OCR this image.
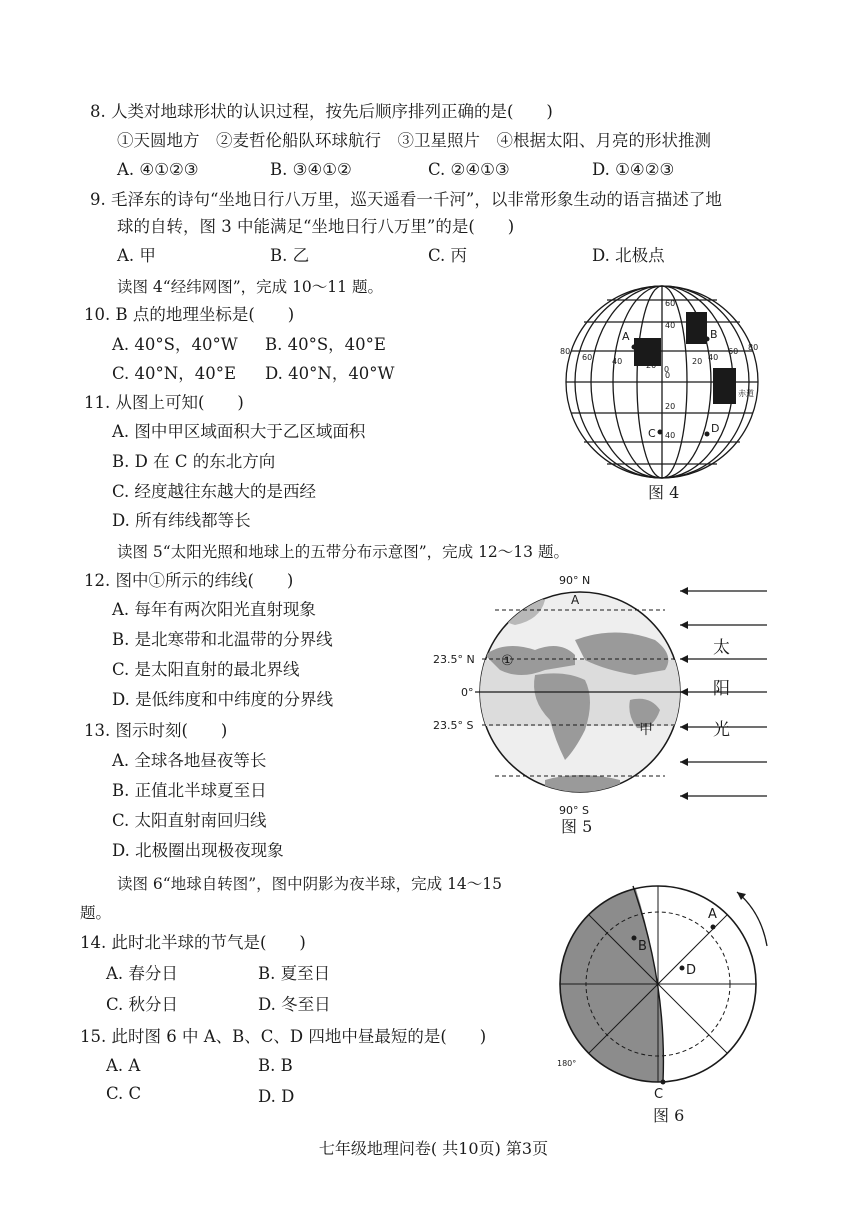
8. 人类对地球形状的认识过程，按先后顺序排列正确的是(　　)
①天圆地方　②麦哲伦船队环球航行　③卫星照片　④根据太阳、月亮的形状推测
A. ④①②③	B. ③④①②	C. ②④①③	D. ①④②③
9. 毛泽东的诗句“坐地日行八万里，巡天遥看一千河”，以非常形象生动的语言描述了地
球的自转，图 3 中能满足“坐地日行八万里”的是(　　)
A. 甲	B. 乙	C. 丙	D. 北极点
读图 4“经纬网图”，完成 10～11 题。
10. B 点的地理坐标是(　　)
A. 40°S，40°W B. 40°S，40°E
C. 40°N，40°E D. 40°N，40°W
11. 从图上可知(　　)
A. 图中甲区域面积大于乙区域面积
B. D 在 C 的东北方向
C. 经度越往东越大的是西经
D. 所有纬线都等长
80
60 40	20 0
20 40
60 80
60
40
0
20
40
赤道
A	B
C	D
图 4
读图 5“太阳光照和地球上的五带分布示意图”，完成 12～13 题。
12. 图中①所示的纬线(　　)
A. 每年有两次阳光直射现象
B. 是北寒带和北温带的分界线
C. 是太阳直射的最北界线
D. 是低纬度和中纬度的分界线
13. 图示时刻(　　)
A. 全球各地昼夜等长
B. 正值北半球夏至日
C. 太阳直射南回归线
D. 北极圈出现极夜现象
90° N
23.5° N
0°
23.5° S
90° S
A
①
甲
太
阳
光
图 5
读图 6“地球自转图”，图中阴影为夜半球，完成 14～15
题。
14. 此时北半球的节气是(　　)
A. 春分日	B. 夏至日
C. 秋分日	D. 冬至日
15. 此时图 6 中 A、B、C、D 四地中昼最短的是(　　)
A. A	B. B
C. C	D. D
A
B
C
D
180°
图 6
七年级地理问卷( 共10页) 第3页
